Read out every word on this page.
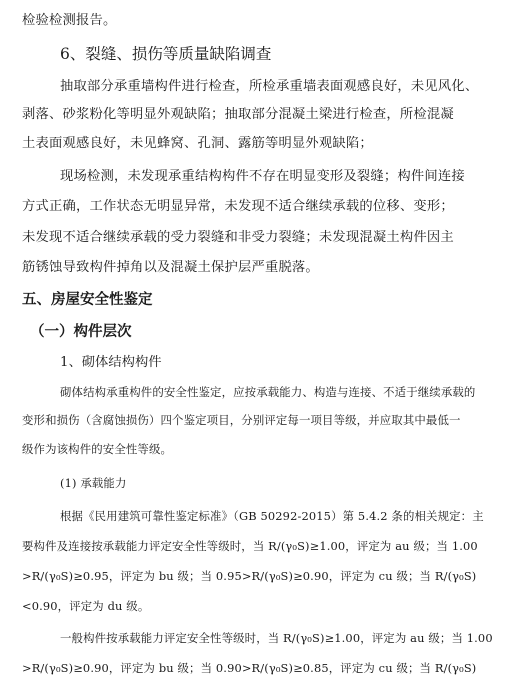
检验检测报告。
6、裂缝、损伤等质量缺陷调查
抽取部分承重墙构件进行检查，所检承重墙表面观感良好，未见风化、
剥落、砂浆粉化等明显外观缺陷；抽取部分混凝土梁进行检查，所检混凝
土表面观感良好，未见蜂窝、孔洞、露筋等明显外观缺陷；
现场检测，未发现承重结构构件不存在明显变形及裂缝；构件间连接
方式正确，工作状态无明显异常，未发现不适合继续承载的位移、变形；
未发现不适合继续承载的受力裂缝和非受力裂缝；未发现混凝土构件因主
筋锈蚀导致构件掉角以及混凝土保护层严重脱落。
五、房屋安全性鉴定
（一）构件层次
1、砌体结构构件
砌体结构承重构件的安全性鉴定，应按承载能力、构造与连接、不适于继续承载的
变形和损伤（含腐蚀损伤）四个鉴定项目，分别评定每一项目等级，并应取其中最低一
级作为该构件的安全性等级。
(1) 承载能力
根据《民用建筑可靠性鉴定标准》（GB 50292-2015）第 5.4.2 条的相关规定：主
要构件及连接按承载能力评定安全性等级时，当 R/(γ₀S)≥1.00，评定为 au 级；当 1.00
>R/(γ₀S)≥0.95，评定为 bu 级；当 0.95>R/(γ₀S)≥0.90，评定为 cu 级；当 R/(γ₀S)
<0.90，评定为 du 级。
一般构件按承载能力评定安全性等级时，当 R/(γ₀S)≥1.00，评定为 au 级；当 1.00
>R/(γ₀S)≥0.90，评定为 bu 级；当 0.90>R/(γ₀S)≥0.85，评定为 cu 级；当 R/(γ₀S)
